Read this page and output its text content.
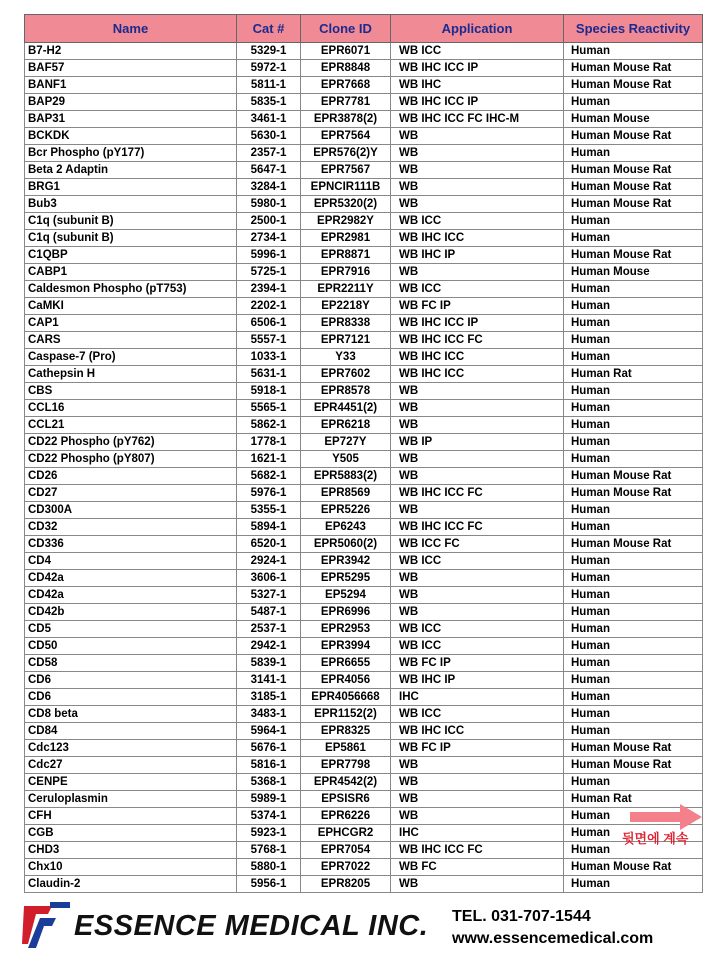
Name	Cat #	Clone ID	Application	Species Reactivity
B7-H2	5329-1	EPR6071	WB ICC	Human
BAF57	5972-1	EPR8848	WB IHC ICC IP	Human Mouse Rat
BANF1	5811-1	EPR7668	WB IHC	Human Mouse Rat
BAP29	5835-1	EPR7781	WB IHC ICC IP	Human
BAP31	3461-1	EPR3878(2)	WB IHC ICC FC IHC-M	Human Mouse
BCKDK	5630-1	EPR7564	WB	Human Mouse Rat
Bcr Phospho (pY177)	2357-1	EPR576(2)Y	WB	Human
Beta 2 Adaptin	5647-1	EPR7567	WB	Human Mouse Rat
BRG1	3284-1	EPNCIR111B	WB	Human Mouse Rat
Bub3	5980-1	EPR5320(2)	WB	Human Mouse Rat
C1q (subunit B)	2500-1	EPR2982Y	WB ICC	Human
C1q (subunit B)	2734-1	EPR2981	WB IHC ICC	Human
C1QBP	5996-1	EPR8871	WB IHC IP	Human Mouse Rat
CABP1	5725-1	EPR7916	WB	Human Mouse
Caldesmon Phospho (pT753)	2394-1	EPR2211Y	WB ICC	Human
CaMKI	2202-1	EP2218Y	WB FC IP	Human
CAP1	6506-1	EPR8338	WB IHC ICC IP	Human
CARS	5557-1	EPR7121	WB IHC ICC FC	Human
Caspase-7 (Pro)	1033-1	Y33	WB IHC ICC	Human
Cathepsin H	5631-1	EPR7602	WB IHC ICC	Human Rat
CBS	5918-1	EPR8578	WB	Human
CCL16	5565-1	EPR4451(2)	WB	Human
CCL21	5862-1	EPR6218	WB	Human
CD22 Phospho (pY762)	1778-1	EP727Y	WB IP	Human
CD22 Phospho (pY807)	1621-1	Y505	WB	Human
CD26	5682-1	EPR5883(2)	WB	Human Mouse Rat
CD27	5976-1	EPR8569	WB IHC ICC FC	Human Mouse Rat
CD300A	5355-1	EPR5226	WB	Human
CD32	5894-1	EP6243	WB IHC ICC FC	Human
CD336	6520-1	EPR5060(2)	WB ICC FC	Human Mouse Rat
CD4	2924-1	EPR3942	WB ICC	Human
CD42a	3606-1	EPR5295	WB	Human
CD42a	5327-1	EP5294	WB	Human
CD42b	5487-1	EPR6996	WB	Human
CD5	2537-1	EPR2953	WB ICC	Human
CD50	2942-1	EPR3994	WB ICC	Human
CD58	5839-1	EPR6655	WB FC IP	Human
CD6	3141-1	EPR4056	WB IHC IP	Human
CD6	3185-1	EPR4056668	IHC	Human
CD8 beta	3483-1	EPR1152(2)	WB ICC	Human
CD84	5964-1	EPR8325	WB IHC ICC	Human
Cdc123	5676-1	EP5861	WB FC IP	Human Mouse Rat
Cdc27	5816-1	EPR7798	WB	Human Mouse Rat
CENPE	5368-1	EPR4542(2)	WB	Human
Ceruloplasmin	5989-1	EPSISR6	WB	Human Rat
CFH	5374-1	EPR6226	WB	Human
CGB	5923-1	EPHCGR2	IHC	Human
CHD3	5768-1	EPR7054	WB IHC ICC FC	Human
Chx10	5880-1	EPR7022	WB FC	Human Mouse Rat
Claudin-2	5956-1	EPR8205	WB	Human
뒷면에 계속
ESSENCE MEDICAL INC. TEL. 031-707-1544
www.essencemedical.com
